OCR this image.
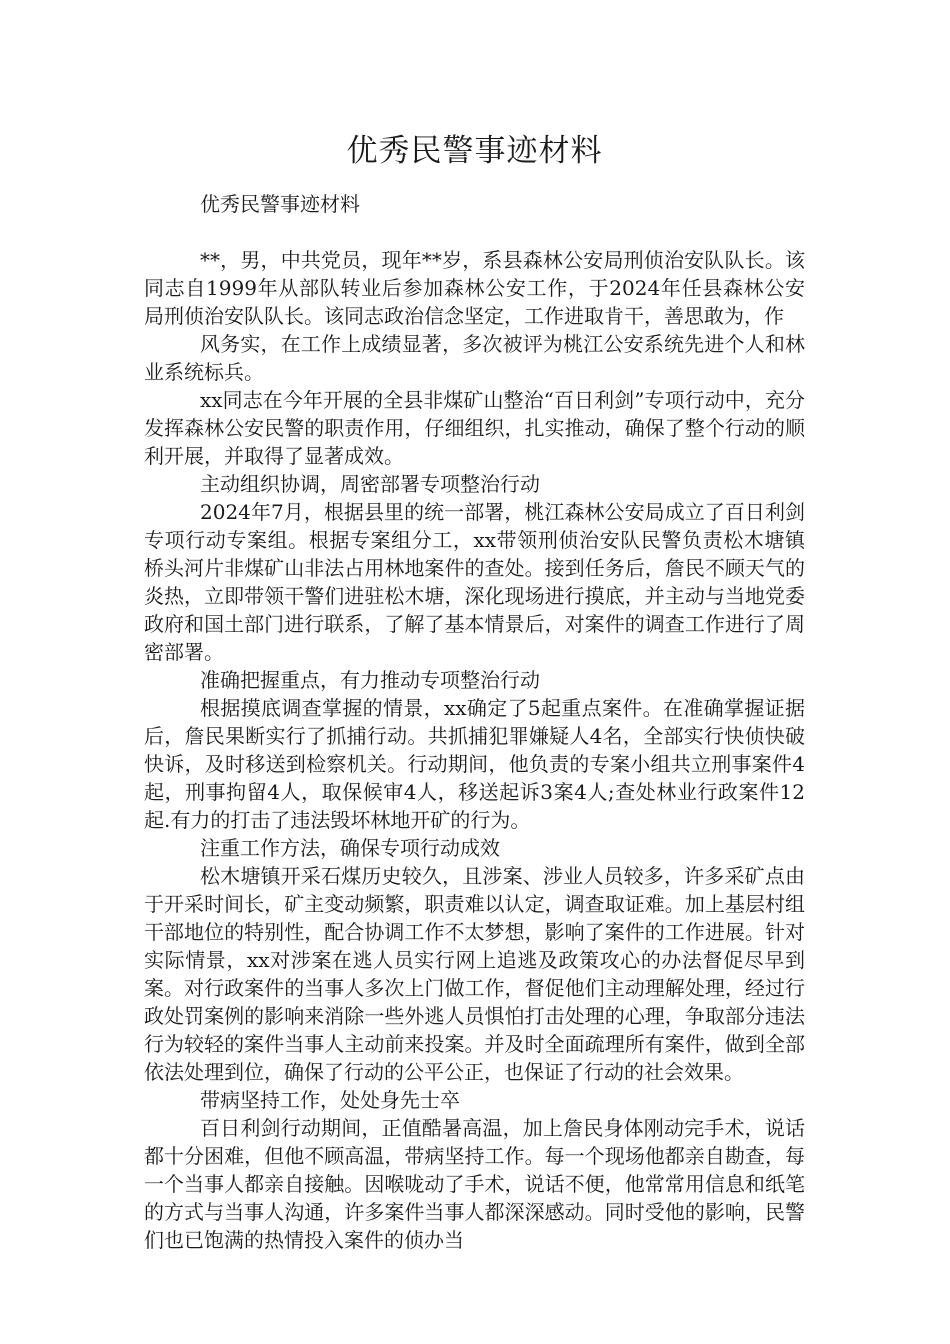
优秀民警事迹材料
优秀民警事迹材料

**，男，中共党员，现年**岁，系县森林公安局刑侦治安队队长。该同志自1999年从部队转业后参加森林公安工作，于2024年任县森林公安局刑侦治安队队长。该同志政治信念坚定，工作进取肯干，善思敢为，作

风务实，在工作上成绩显著，多次被评为桃江公安系统先进个人和林业系统标兵。

xx同志在今年开展的全县非煤矿山整治“百日利剑”专项行动中，充分发挥森林公安民警的职责作用，仔细组织，扎实推动，确保了整个行动的顺利开展，并取得了显著成效。

主动组织协调，周密部署专项整治行动

2024年7月，根据县里的统一部署，桃江森林公安局成立了百日利剑专项行动专案组。根据专案组分工，xx带领刑侦治安队民警负责松木塘镇桥头河片非煤矿山非法占用林地案件的查处。接到任务后，詹民不顾天气的炎热，立即带领干警们进驻松木塘，深化现场进行摸底，并主动与当地党委政府和国土部门进行联系，了解了基本情景后，对案件的调查工作进行了周密部署。

准确把握重点，有力推动专项整治行动

根据摸底调查掌握的情景，xx确定了5起重点案件。在准确掌握证据后，詹民果断实行了抓捕行动。共抓捕犯罪嫌疑人4名，全部实行快侦快破快诉，及时移送到检察机关。行动期间，他负责的专案小组共立刑事案件4起，刑事拘留4人，取保候审4人，移送起诉3案4人;查处林业行政案件12起.有力的打击了违法毁坏林地开矿的行为。

注重工作方法，确保专项行动成效

松木塘镇开采石煤历史较久，且涉案、涉业人员较多，许多采矿点由于开采时间长，矿主变动频繁，职责难以认定，调查取证难。加上基层村组干部地位的特别性，配合协调工作不太梦想，影响了案件的工作进展。针对实际情景，xx对涉案在逃人员实行网上追逃及政策攻心的办法督促尽早到案。对行政案件的当事人多次上门做工作，督促他们主动理解处理，经过行政处罚案例的影响来消除一些外逃人员惧怕打击处理的心理，争取部分违法行为较轻的案件当事人主动前来投案。并及时全面疏理所有案件，做到全部依法处理到位，确保了行动的公平公正，也保证了行动的社会效果。

带病坚持工作，处处身先士卒

百日利剑行动期间，正值酷暑高温，加上詹民身体刚动完手术，说话都十分困难，但他不顾高温，带病坚持工作。每一个现场他都亲自勘查，每一个当事人都亲自接触。因喉咙动了手术，说话不便，他常常用信息和纸笔的方式与当事人沟通，许多案件当事人都深深感动。同时受他的影响，民警们也已饱满的热情投入案件的侦办当
